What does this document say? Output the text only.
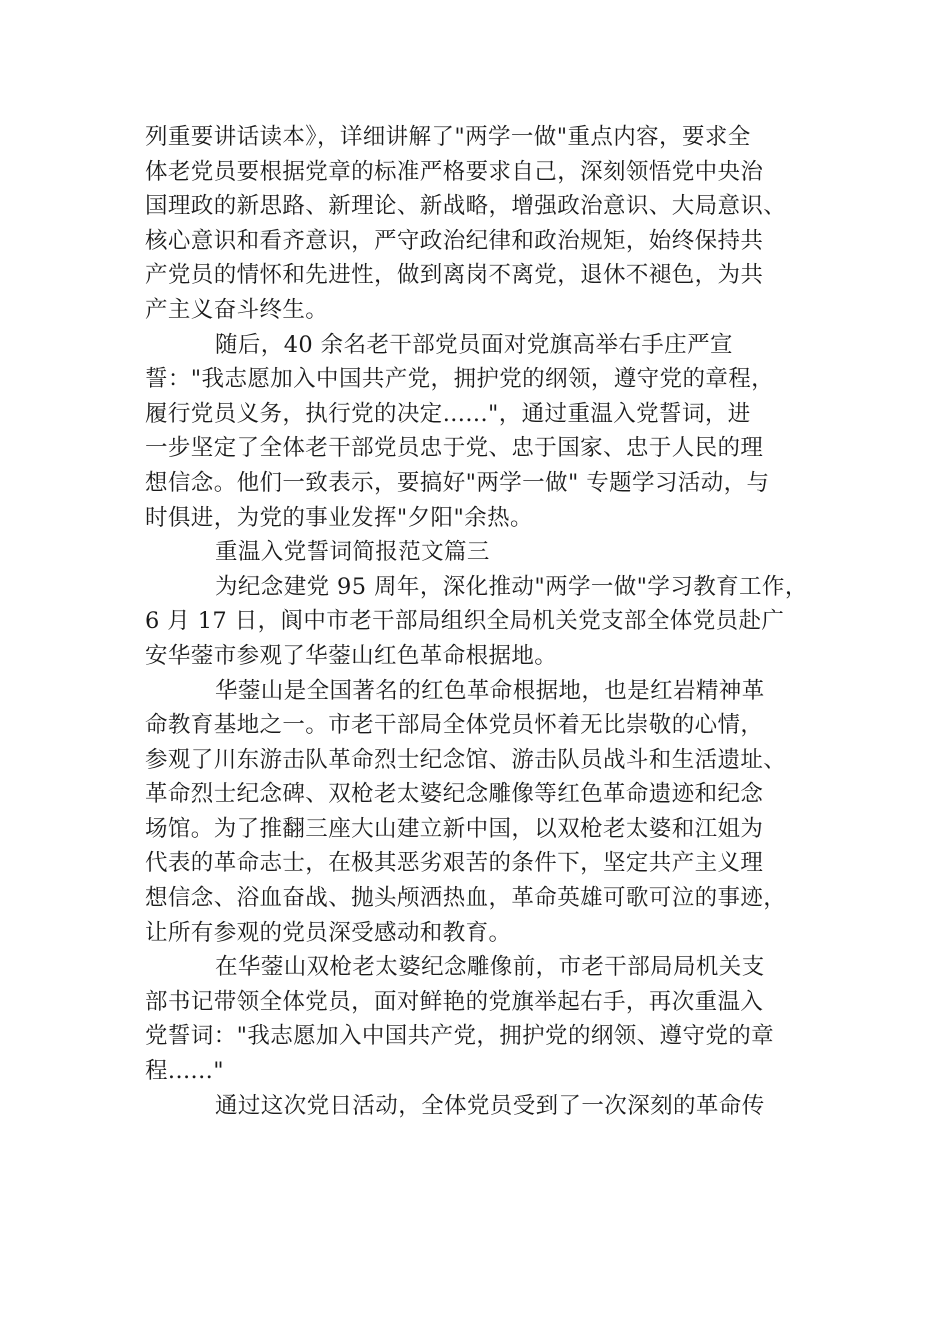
列重要讲话读本》，详细讲解了"两学一做"重点内容，要求全
体老党员要根据党章的标准严格要求自己，深刻领悟党中央治
国理政的新思路、新理论、新战略，增强政治意识、大局意识、
核心意识和看齐意识，严守政治纪律和政治规矩，始终保持共
产党员的情怀和先进性，做到离岗不离党，退休不褪色，为共
产主义奋斗终生。
随后，40 余名老干部党员面对党旗高举右手庄严宣
誓："我志愿加入中国共产党，拥护党的纲领，遵守党的章程，
履行党员义务，执行党的决定......"，通过重温入党誓词，进
一步坚定了全体老干部党员忠于党、忠于国家、忠于人民的理
想信念。他们一致表示，要搞好"两学一做" 专题学习活动，与
时俱进，为党的事业发挥"夕阳"余热。
重温入党誓词简报范文篇三
为纪念建党 95 周年，深化推动"两学一做"学习教育工作，
6 月 17 日，阆中市老干部局组织全局机关党支部全体党员赴广
安华蓥市参观了华蓥山红色革命根据地。
华蓥山是全国著名的红色革命根据地，也是红岩精神革
命教育基地之一。市老干部局全体党员怀着无比崇敬的心情，
参观了川东游击队革命烈士纪念馆、游击队员战斗和生活遗址、
革命烈士纪念碑、双枪老太婆纪念雕像等红色革命遗迹和纪念
场馆。为了推翻三座大山建立新中国，以双枪老太婆和江姐为
代表的革命志士，在极其恶劣艰苦的条件下，坚定共产主义理
想信念、浴血奋战、抛头颅洒热血，革命英雄可歌可泣的事迹，
让所有参观的党员深受感动和教育。
在华蓥山双枪老太婆纪念雕像前，市老干部局局机关支
部书记带领全体党员，面对鲜艳的党旗举起右手，再次重温入
党誓词："我志愿加入中国共产党，拥护党的纲领、遵守党的章
程......"
通过这次党日活动，全体党员受到了一次深刻的革命传
